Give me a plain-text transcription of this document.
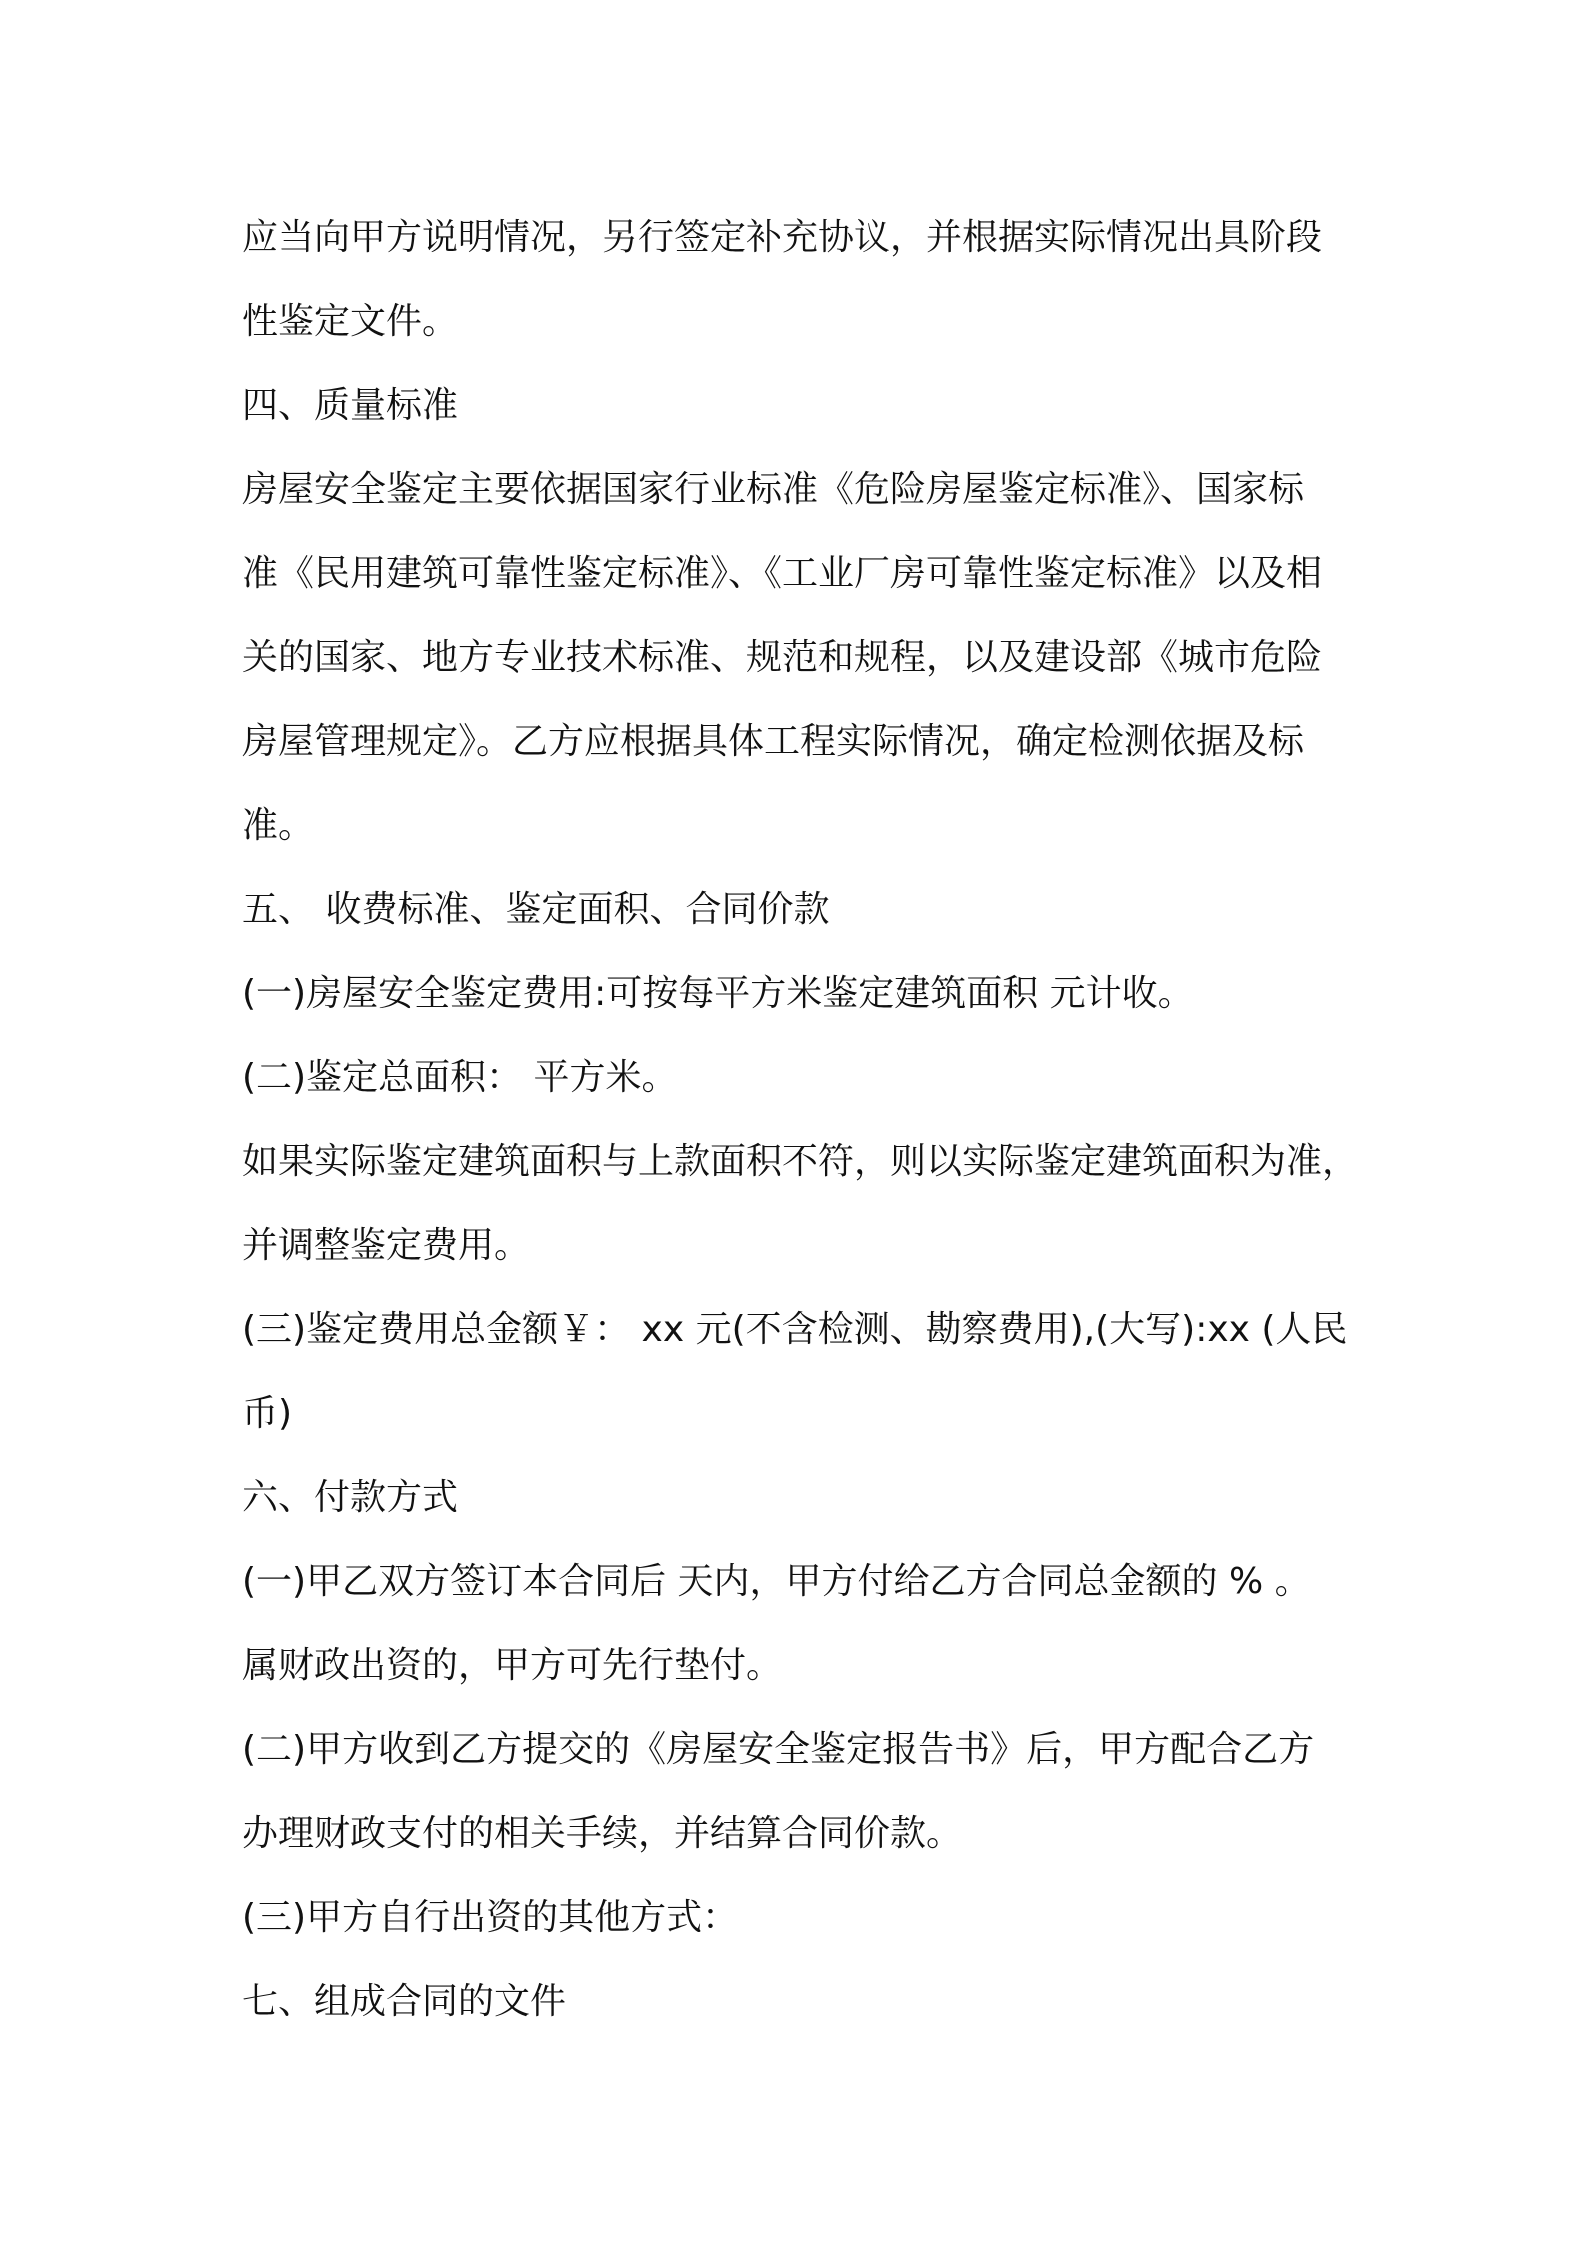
应当向甲方说明情况，另行签定补充协议，并根据实际情况出具阶段
性鉴定文件。
四、质量标准
房屋安全鉴定主要依据国家行业标准《危险房屋鉴定标准》、国家标
准《民用建筑可靠性鉴定标准》、《工业厂房可靠性鉴定标准》以及相
关的国家、地方专业技术标准、规范和规程，以及建设部《城市危险
房屋管理规定》。乙方应根据具体工程实际情况，确定检测依据及标
准。
五、 收费标准、鉴定面积、合同价款
(一)房屋安全鉴定费用:可按每平方米鉴定建筑面积 元计收。
(二)鉴定总面积： 平方米。
如果实际鉴定建筑面积与上款面积不符，则以实际鉴定建筑面积为准，
并调整鉴定费用。
(三)鉴定费用总金额￥： xx 元(不含检测、勘察费用),(大写):xx (人民
币)
六、付款方式
(一)甲乙双方签订本合同后 天内，甲方付给乙方合同总金额的 % 。
属财政出资的，甲方可先行垫付。
(二)甲方收到乙方提交的《房屋安全鉴定报告书》后，甲方配合乙方
办理财政支付的相关手续，并结算合同价款。
(三)甲方自行出资的其他方式：
七、组成合同的文件
